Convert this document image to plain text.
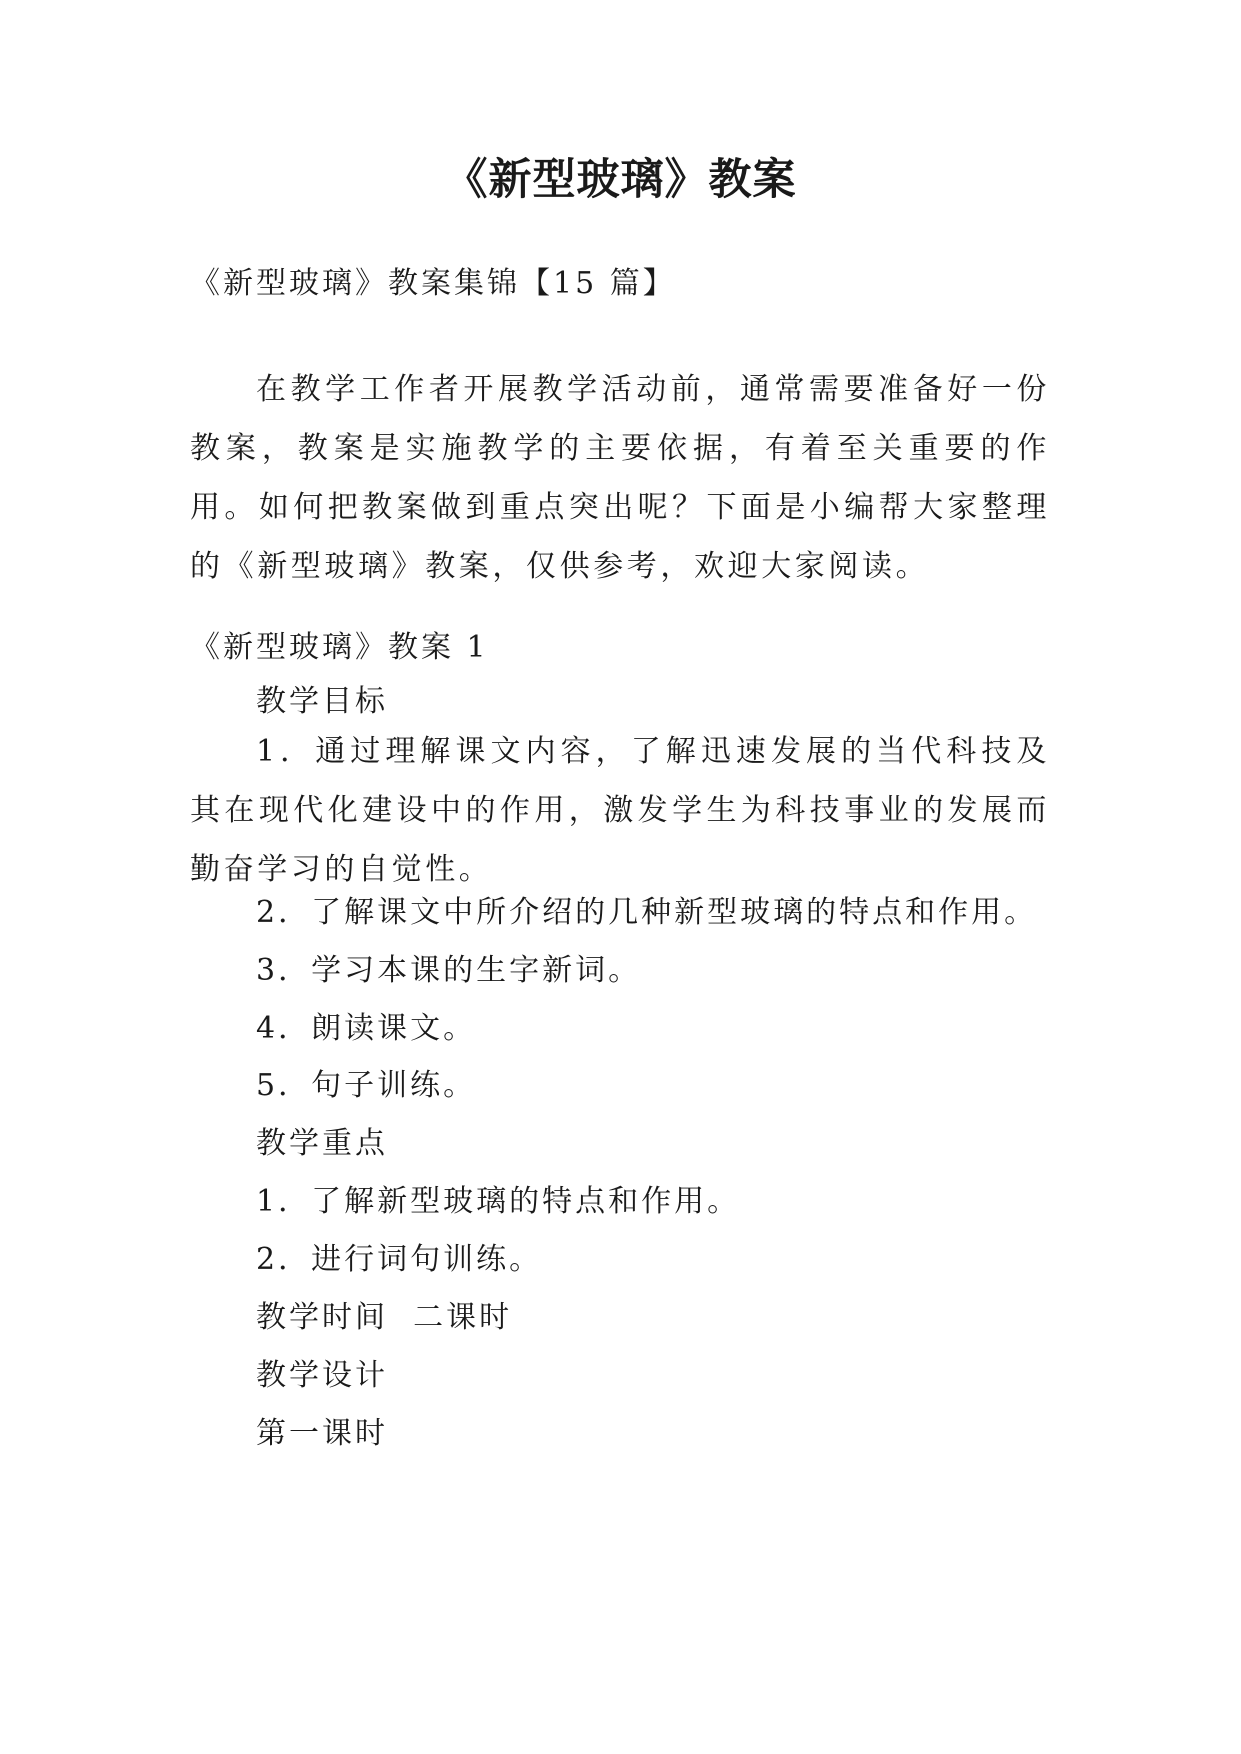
《新型玻璃》教案
《新型玻璃》教案集锦【15 篇】

在教学工作者开展教学活动前，通常需要准备好一份教案，教案是实施教学的主要依据，有着至关重要的作用。如何把教案做到重点突出呢？下面是小编帮大家整理的《新型玻璃》教案，仅供参考，欢迎大家阅读。

《新型玻璃》教案 1
教学目标

1．通过理解课文内容，了解迅速发展的当代科技及其在现代化建设中的作用，激发学生为科技事业的发展而勤奋学习的自觉性。

2．了解课文中所介绍的几种新型玻璃的特点和作用。
3．学习本课的生字新词。
4．朗读课文。
5．句子训练。
教学重点
1．了解新型玻璃的特点和作用。
2．进行词句训练。
教学时间  二课时
教学设计
第一课时
